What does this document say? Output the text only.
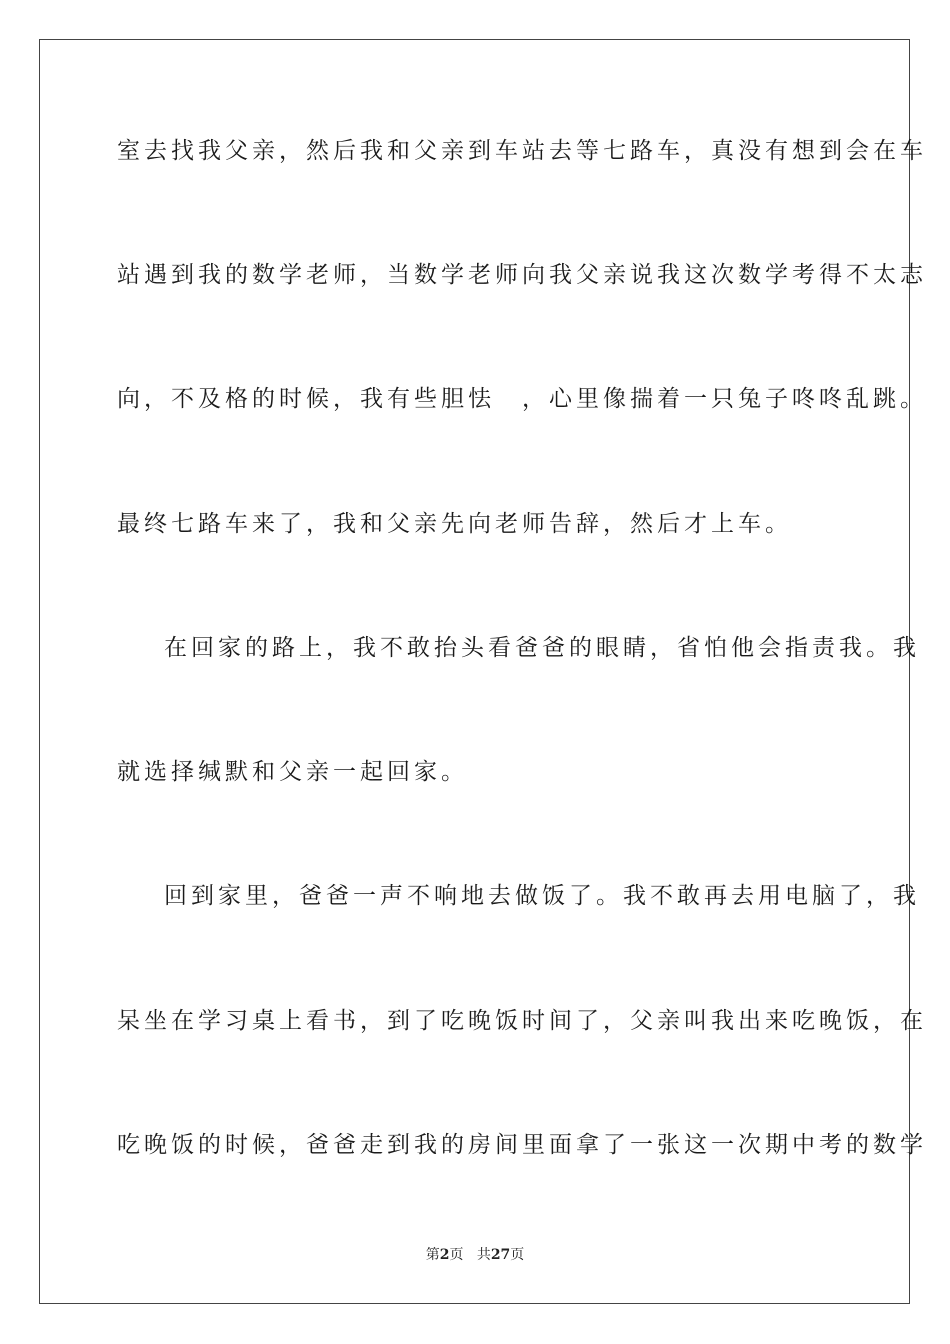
室去找我父亲，然后我和父亲到车站去等七路车，真没有想到会在车
站遇到我的数学老师，当数学老师向我父亲说我这次数学考得不太志
向，不及格的时候，我有些胆怯　，心里像揣着一只兔子咚咚乱跳。
最终七路车来了，我和父亲先向老师告辞，然后才上车。
在回家的路上，我不敢抬头看爸爸的眼睛，省怕他会指责我。我
就选择缄默和父亲一起回家。
回到家里，爸爸一声不响地去做饭了。我不敢再去用电脑了，我
呆坐在学习桌上看书，到了吃晚饭时间了，父亲叫我出来吃晚饭，在
吃晚饭的时候，爸爸走到我的房间里面拿了一张这一次期中考的数学
第2页 共27页
